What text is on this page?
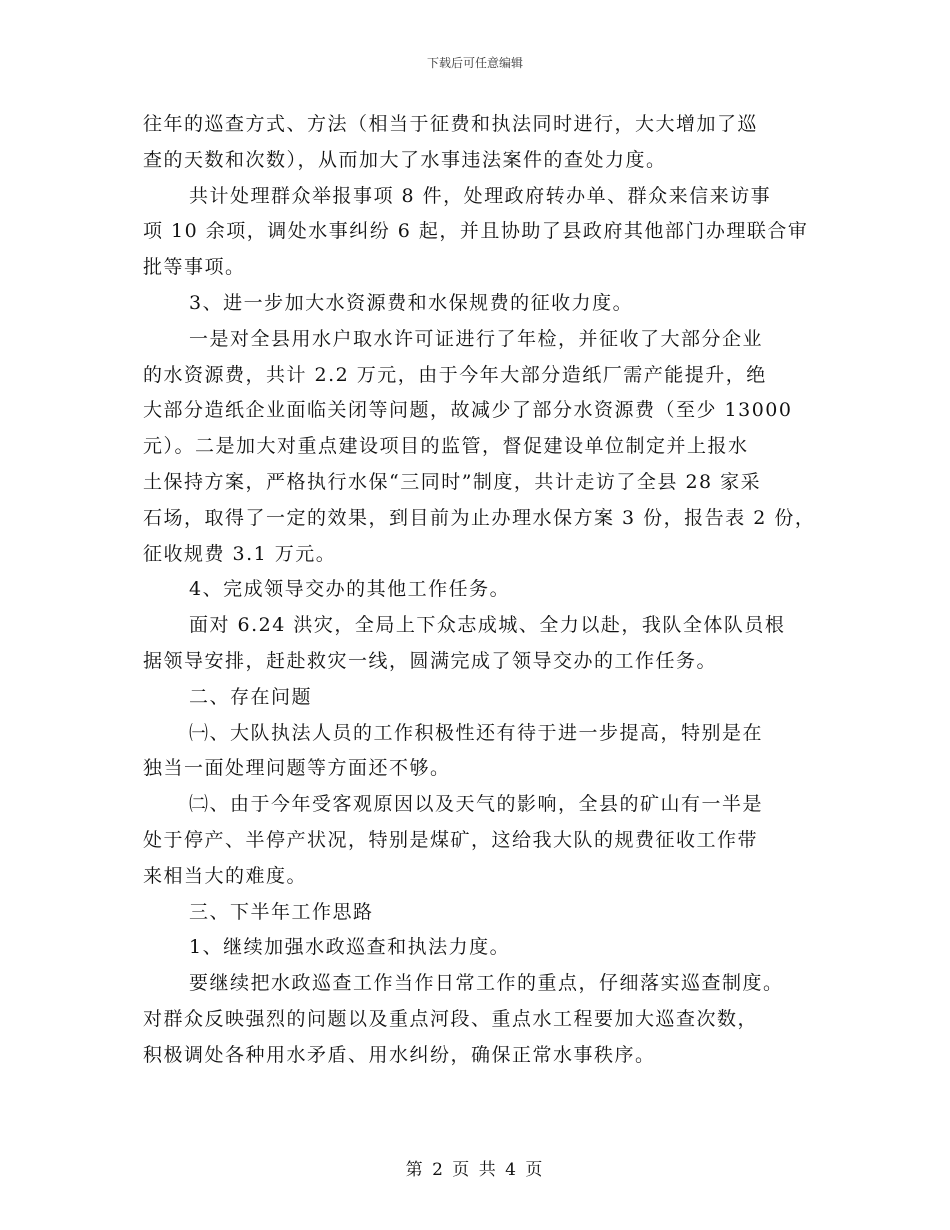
下载后可任意编辑
往年的巡查方式、方法（相当于征费和执法同时进行，大大增加了巡
查的天数和次数），从而加大了水事违法案件的查处力度。
共计处理群众举报事项 8 件，处理政府转办单、群众来信来访事
项 10 余项，调处水事纠纷 6 起，并且协助了县政府其他部门办理联合审
批等事项。
3、进一步加大水资源费和水保规费的征收力度。
一是对全县用水户取水许可证进行了年检，并征收了大部分企业
的水资源费，共计 2.2 万元，由于今年大部分造纸厂需产能提升，绝
大部分造纸企业面临关闭等问题，故减少了部分水资源费（至少 13000
元）。二是加大对重点建设项目的监管，督促建设单位制定并上报水
土保持方案，严格执行水保“三同时”制度，共计走访了全县 28 家采
石场，取得了一定的效果，到目前为止办理水保方案 3 份，报告表 2 份，
征收规费 3.1 万元。
4、完成领导交办的其他工作任务。
面对 6.24 洪灾，全局上下众志成城、全力以赴，我队全体队员根
据领导安排，赶赴救灾一线，圆满完成了领导交办的工作任务。
二、存在问题
㈠、大队执法人员的工作积极性还有待于进一步提高，特别是在
独当一面处理问题等方面还不够。
㈡、由于今年受客观原因以及天气的影响，全县的矿山有一半是
处于停产、半停产状况，特别是煤矿，这给我大队的规费征收工作带
来相当大的难度。
三、下半年工作思路
1、继续加强水政巡查和执法力度。
要继续把水政巡查工作当作日常工作的重点，仔细落实巡查制度。
对群众反映强烈的问题以及重点河段、重点水工程要加大巡查次数，
积极调处各种用水矛盾、用水纠纷，确保正常水事秩序。
第 2 页 共 4 页
